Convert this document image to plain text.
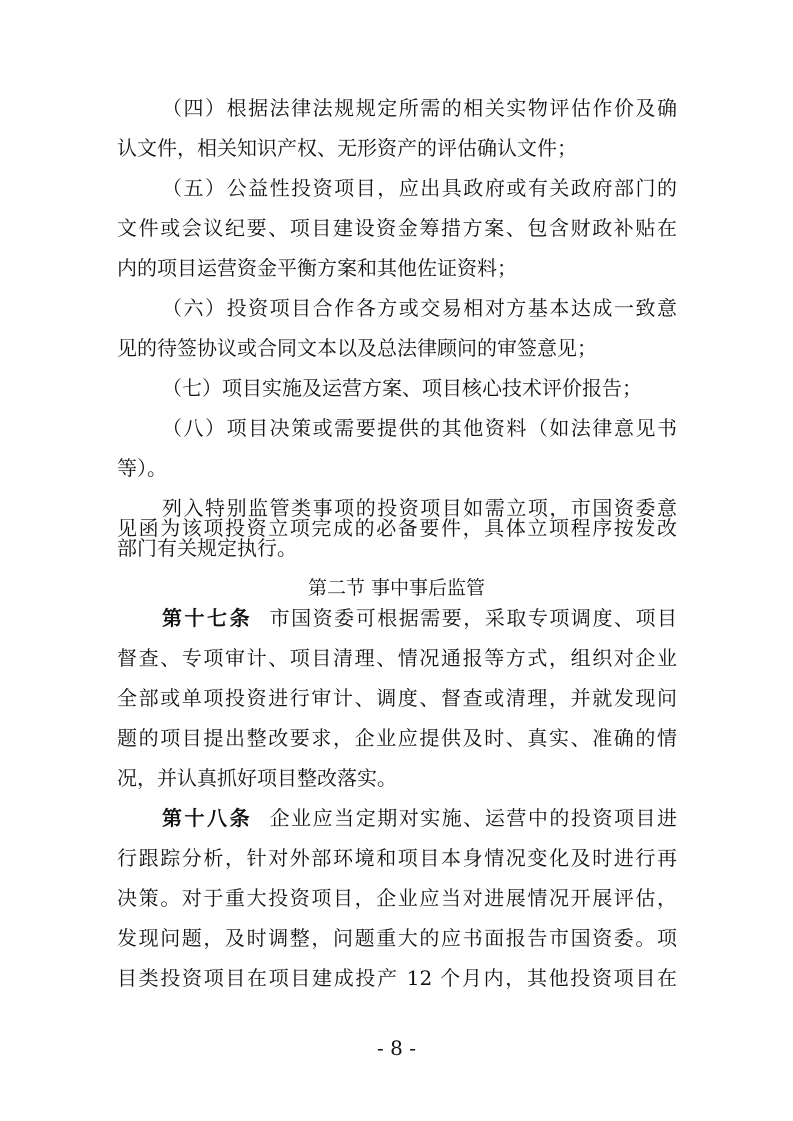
（四）根据法律法规规定所需的相关实物评估作价及确
认文件，相关知识产权、无形资产的评估确认文件；
（五）公益性投资项目，应出具政府或有关政府部门的
文件或会议纪要、项目建设资金筹措方案、包含财政补贴在
内的项目运营资金平衡方案和其他佐证资料；
（六）投资项目合作各方或交易相对方基本达成一致意
见的待签协议或合同文本以及总法律顾问的审签意见；
（七）项目实施及运营方案、项目核心技术评价报告；
（八）项目决策或需要提供的其他资料（如法律意见书
等）。
列入特别监管类事项的投资项目如需立项，市国资委意
见函为该项投资立项完成的必备要件，具体立项程序按发改
第二节 事中事后监管
第十七条 市国资委可根据需要，采取专项调度、项目
督查、专项审计、项目清理、情况通报等方式，组织对企业
全部或单项投资进行审计、调度、督查或清理，并就发现问
题的项目提出整改要求，企业应提供及时、真实、准确的情
况，并认真抓好项目整改落实。
第十八条 企业应当定期对实施、运营中的投资项目进
行跟踪分析，针对外部环境和项目本身情况变化及时进行再
决策。对于重大投资项目，企业应当对进展情况开展评估，
发现问题，及时调整，问题重大的应书面报告市国资委。项
目类投资项目在项目建成投产 12 个月内，其他投资项目在
- 8 -
部门有关规定执行。
